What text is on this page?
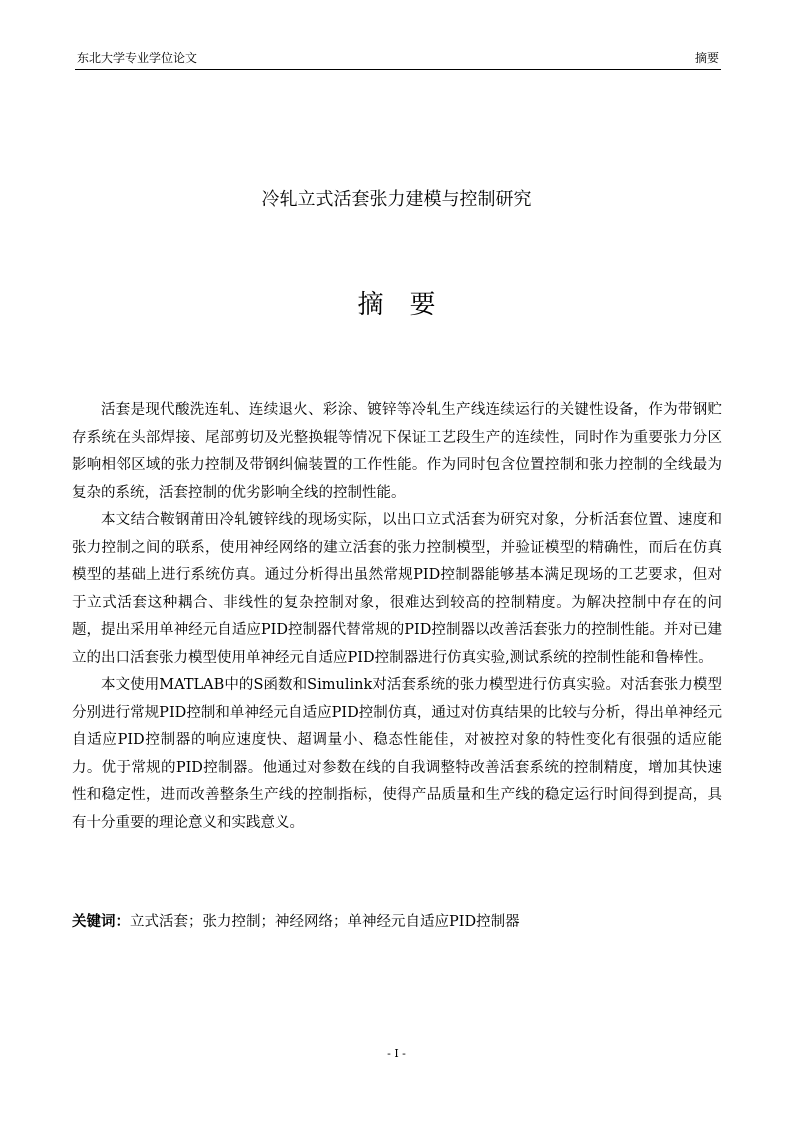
东北大学专业学位论文	摘要
冷轧立式活套张力建模与控制研究
摘要

活套是现代酸洗连轧、连续退火、彩涂、镀锌等冷轧生产线连续运行的关键性设备，作为带钢贮存系统在头部焊接、尾部剪切及光整换辊等情况下保证工艺段生产的连续性，同时作为重要张力分区影响相邻区域的张力控制及带钢纠偏装置的工作性能。作为同时包含位置控制和张力控制的全线最为复杂的系统，活套控制的优劣影响全线的控制性能。

本文结合鞍钢莆田冷轧镀锌线的现场实际，以出口立式活套为研究对象，分析活套位置、速度和张力控制之间的联系，使用神经网络的建立活套的张力控制模型，并验证模型的精确性，而后在仿真模型的基础上进行系统仿真。通过分析得出虽然常规PID控制器能够基本满足现场的工艺要求，但对于立式活套这种耦合、非线性的复杂控制对象，很难达到较高的控制精度。为解决控制中存在的问题，提出采用单神经元自适应PID控制器代替常规的PID控制器以改善活套张力的控制性能。并对已建立的出口活套张力模型使用单神经元自适应PID控制器进行仿真实验,测试系统的控制性能和鲁棒性。

本文使用MATLAB中的S函数和Simulink对活套系统的张力模型进行仿真实验。对活套张力模型分别进行常规PID控制和单神经元自适应PID控制仿真，通过对仿真结果的比较与分析，得出单神经元自适应PID控制器的响应速度快、超调量小、稳态性能佳，对被控对象的特性变化有很强的适应能力。优于常规的PID控制器。他通过对参数在线的自我调整特改善活套系统的控制精度，增加其快速性和稳定性，进而改善整条生产线的控制指标，使得产品质量和生产线的稳定运行时间得到提高，具有十分重要的理论意义和实践意义。

关键词：立式活套；张力控制；神经网络；单神经元自适应PID控制器
- I -
